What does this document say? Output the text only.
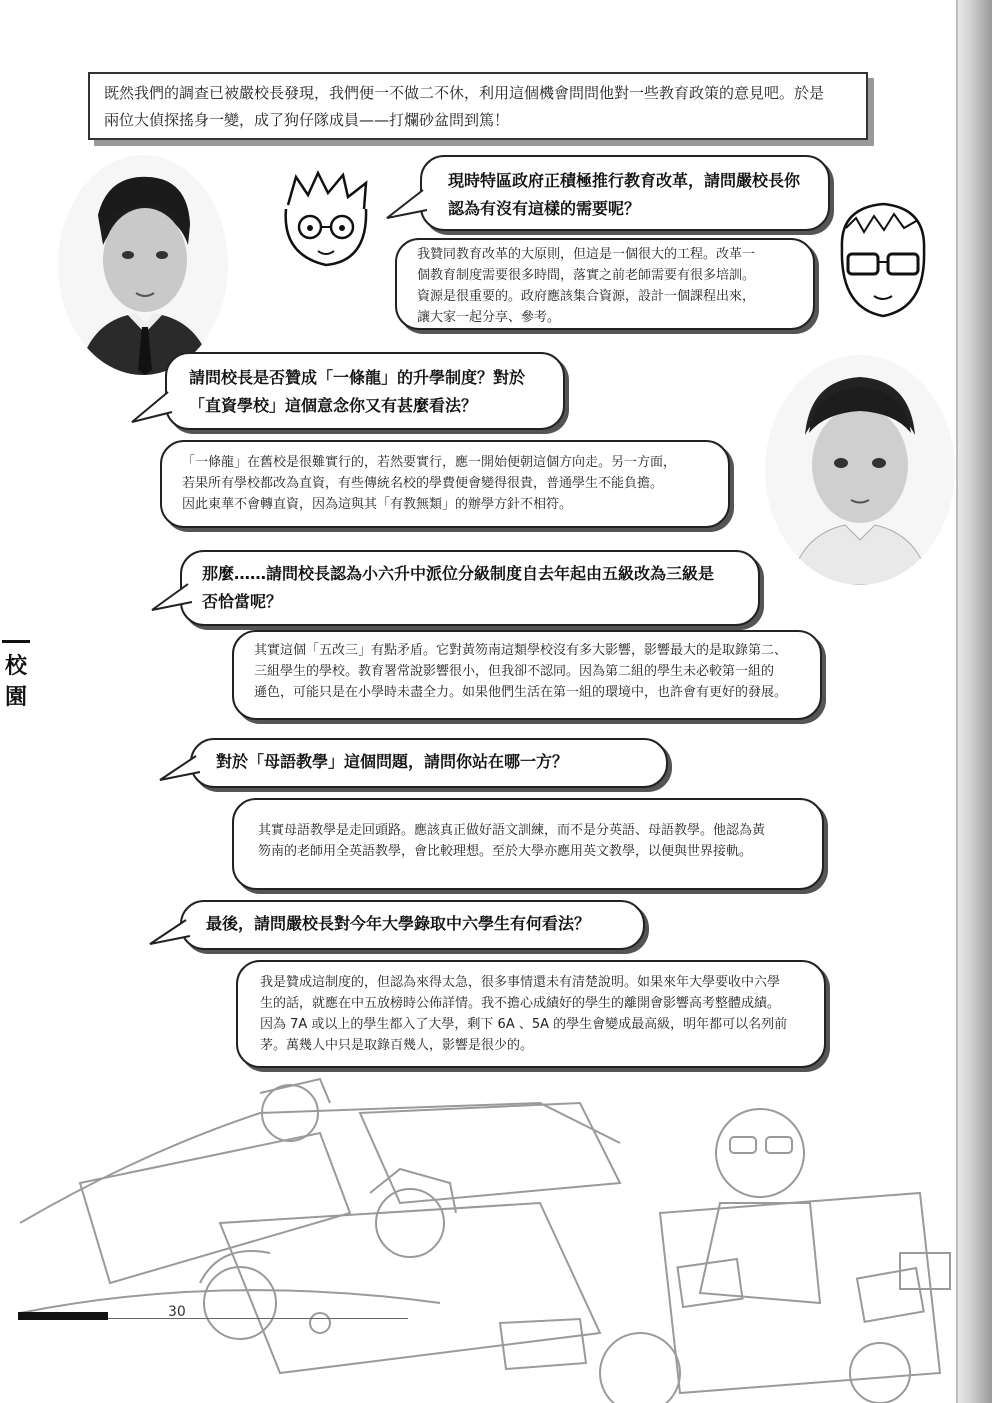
既然我們的調查已被嚴校長發現，我們便一不做二不休，利用這個機會問問他對一些教育政策的意見吧。於是
兩位大偵探搖身一變，成了狗仔隊成員——打爛砂盆問到篤！
現時特區政府正積極推行教育改革，請問嚴校長你
認為有沒有這樣的需要呢？
我贊同教育改革的大原則，但這是一個很大的工程。改革一
個教育制度需要很多時間，落實之前老師需要有很多培訓。
資源是很重要的。政府應該集合資源，設計一個課程出來，
讓大家一起分享、參考。
請問校長是否贊成「一條龍」的升學制度？對於
「直資學校」這個意念你又有甚麼看法？
「一條龍」在舊校是很難實行的，若然要實行，應一開始便朝這個方向走。另一方面，
若果所有學校都改為直資，有些傳統名校的學費便會變得很貴，普通學生不能負擔。
因此東華不會轉直資，因為這與其「有教無類」的辦學方針不相符。
那麼……請問校長認為小六升中派位分級制度自去年起由五級改為三級是
否恰當呢？
其實這個「五改三」有點矛盾。它對黃笏南這類學校沒有多大影響，影響最大的是取錄第二、
三組學生的學校。教育署常說影響很小，但我卻不認同。因為第二組的學生未必較第一組的
遜色，可能只是在小學時未盡全力。如果他們生活在第一組的環境中，也許會有更好的發展。
對於「母語教學」這個問題，請問你站在哪一方？
其實母語教學是走回頭路。應該真正做好語文訓練，而不是分英語、母語教學。他認為黃
笏南的老師用全英語教學，會比較理想。至於大學亦應用英文教學，以便與世界接軌。
最後，請問嚴校長對今年大學錄取中六學生有何看法？
我是贊成這制度的，但認為來得太急，很多事情還未有清楚說明。如果來年大學要收中六學
生的話，就應在中五放榜時公佈詳情。我不擔心成績好的學生的離開會影響高考整體成績。
因為 7A 或以上的學生都入了大學，剩下 6A 、5A 的學生會變成最高級，明年都可以名列前
茅。萬幾人中只是取錄百幾人，影響是很少的。
校園
30
